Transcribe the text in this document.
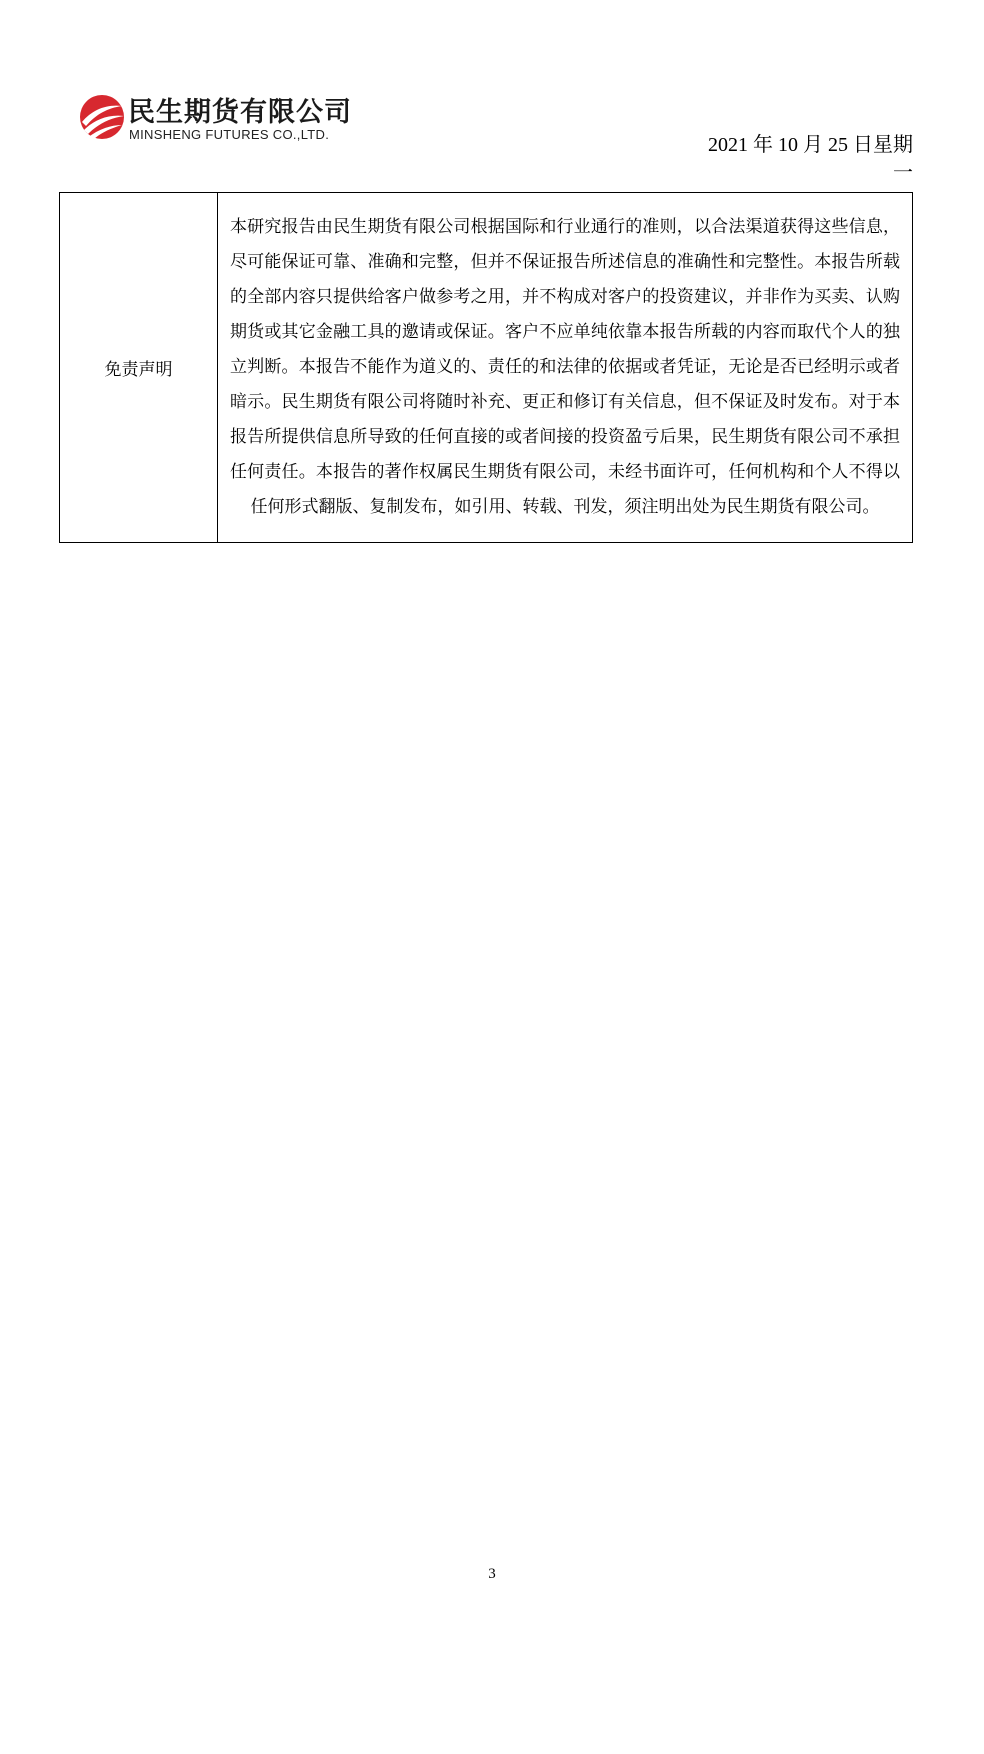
民生期货有限公司
MINSHENG FUTURES CO.,LTD.	2021 年 10 月 25 日星期
一
免责声明	本研究报告由民生期货有限公司根据国际和行业通行的准则，以合法渠道获得这些信息，尽可能保证可靠、准确和完整，但并不保证报告所述信息的准确性和完整性。本报告所载的全部内容只提供给客户做参考之用，并不构成对客户的投资建议，并非作为买卖、认购期货或其它金融工具的邀请或保证。客户不应单纯依靠本报告所载的内容而取代个人的独立判断。本报告不能作为道义的、责任的和法律的依据或者凭证，无论是否已经明示或者暗示。民生期货有限公司将随时补充、更正和修订有关信息，但不保证及时发布。对于本报告所提供信息所导致的任何直接的或者间接的投资盈亏后果，民生期货有限公司不承担任何责任。本报告的著作权属民生期货有限公司，未经书面许可，任何机构和个人不得以任何形式翻版、复制发布，如引用、转载、刊发，须注明出处为民生期货有限公司。
3
